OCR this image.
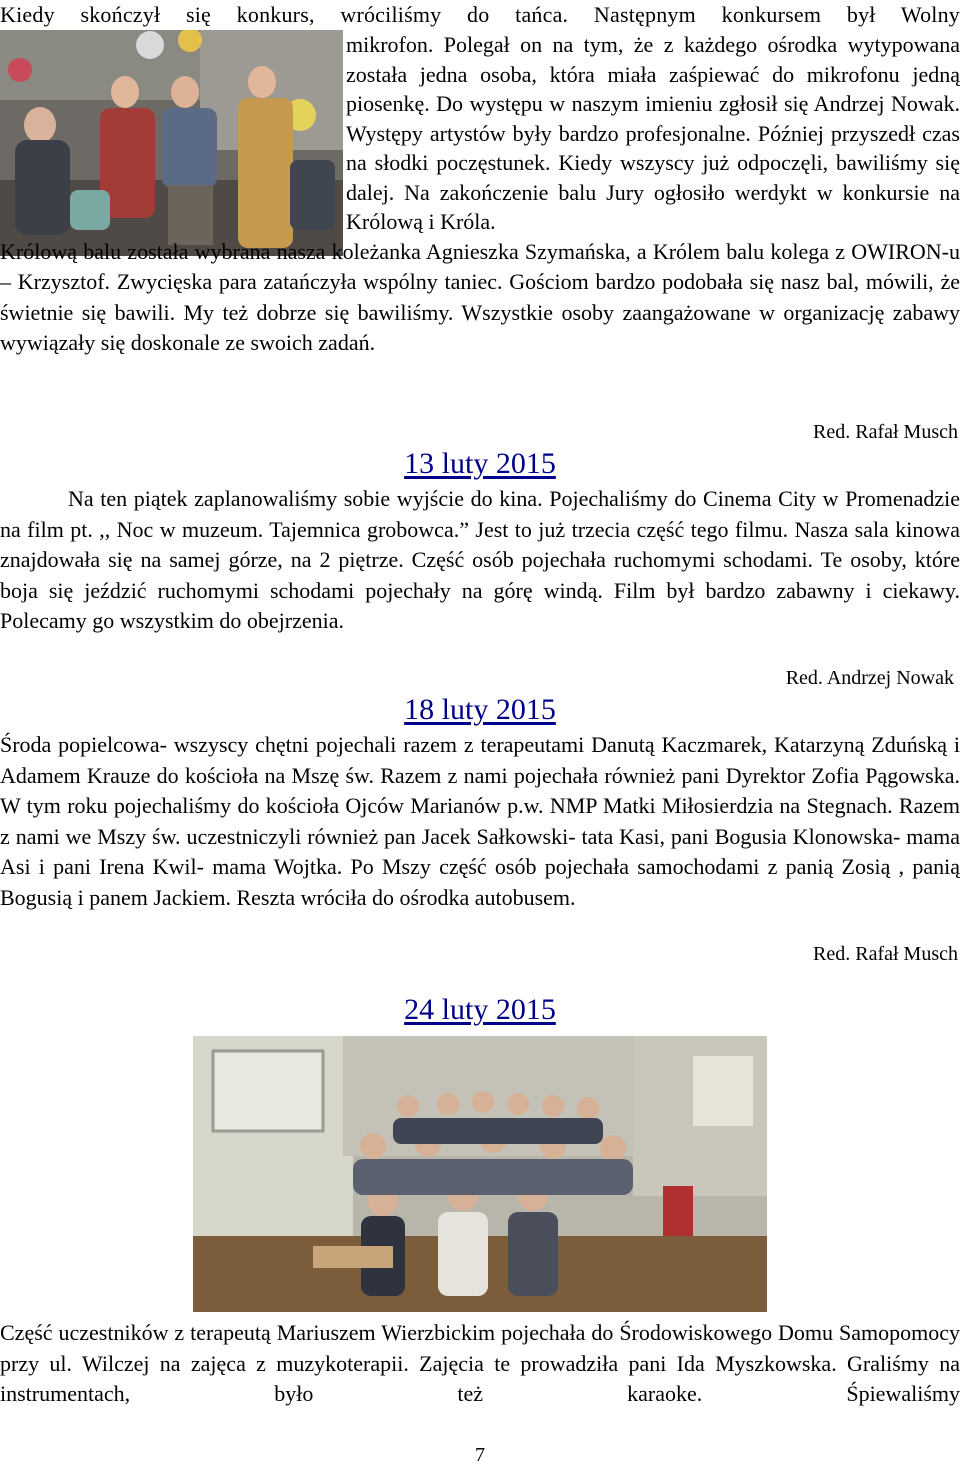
Kiedy skończył się konkurs, wróciliśmy do tańca. Następnym konkursem był Wolny

mikrofon. Polegał on na tym, że z każdego ośrodka wytypowana została jedna osoba, która miała zaśpiewać do mikrofonu jedną piosenkę. Do występu w naszym imieniu zgłosił się Andrzej Nowak. Występy artystów były bardzo profesjonalne. Później przyszedł czas na słodki poczęstunek. Kiedy wszyscy już odpoczęli, bawiliśmy się dalej. Na zakończenie balu Jury ogłosiło werdykt w konkursie na Królową i Króla.

Królową balu została wybrana nasza koleżanka Agnieszka Szymańska, a Królem balu kolega z OWIRON-u – Krzysztof. Zwycięska para zatańczyła wspólny taniec. Gościom bardzo podobała się nasz bal, mówili, że świetnie się bawili. My też dobrze się bawiliśmy. Wszystkie osoby zaangażowane w organizację zabawy wywiązały się doskonale ze swoich zadań.

Red. Rafał Musch
13 luty 2015

Na ten piątek zaplanowaliśmy sobie wyjście do kina. Pojechaliśmy do Cinema City w Promenadzie na film pt. ,, Noc w muzeum. Tajemnica grobowca.” Jest to już trzecia część tego filmu. Nasza sala kinowa znajdowała się na samej górze, na 2 piętrze. Część osób pojechała ruchomymi schodami. Te osoby, które boja się jeździć ruchomymi schodami pojechały na górę windą. Film był bardzo zabawny i ciekawy. Polecamy go wszystkim do obejrzenia.

Red. Andrzej Nowak
18 luty 2015

Środa popielcowa- wszyscy chętni pojechali razem z terapeutami Danutą Kaczmarek, Katarzyną Zduńską i Adamem Krauze do kościoła na Mszę św. Razem z nami pojechała również pani Dyrektor Zofia Pągowska. W tym roku pojechaliśmy do kościoła Ojców Marianów p.w. NMP Matki Miłosierdzia na Stegnach. Razem z nami we Mszy św. uczestniczyli również pan Jacek Sałkowski- tata Kasi, pani Bogusia Klonowska- mama Asi i pani Irena Kwil- mama Wojtka. Po Mszy część osób pojechała samochodami z panią Zosią , panią Bogusią i panem Jackiem. Reszta wróciła do ośrodka autobusem.

Red. Rafał Musch
24 luty 2015

Część uczestników z terapeutą Mariuszem Wierzbickim pojechała do Środowiskowego Domu Samopomocy przy ul. Wilczej na zajęca z muzykoterapii. Zajęcia te prowadziła pani Ida Myszkowska. Graliśmy na instrumentach, było też karaoke. Śpiewaliśmy

7
